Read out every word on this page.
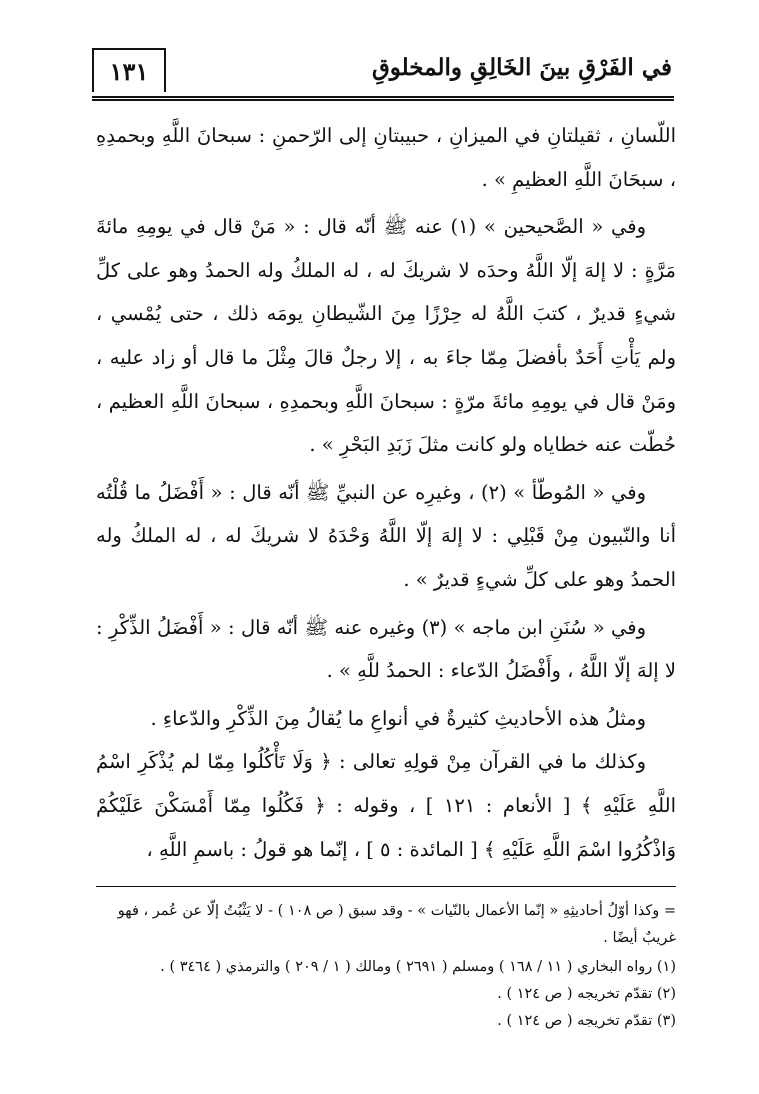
١٣١	في الفَرْقِ بينَ الخَالِقِ والمخلوقِ

اللّسانِ ، ثقيلتانِ في الميزانِ ، حبيبتانِ إلى الرّحمنِ : سبحانَ اللَّهِ وبحمدِهِ ، سبحَانَ اللَّهِ العظيمِ » .

وفي « الصَّحيحين » (١) عنه ﷺ أنّه قال : « مَنْ قال في يومِهِ مائةَ مَرَّةٍ : لا إلهَ إلّا اللَّهُ وحدَه لا شريكَ له ، له الملكُ وله الحمدُ وهو على كلِّ شيءٍ قديرٌ ، كتبَ اللَّهُ له حِرْزًا مِنَ الشّيطانِ يومَه ذلك ، حتى يُمْسي ، ولم يَأْتِ أَحَدٌ بأفضلَ مِمّا جاءَ به ، إلا رجلٌ قالَ مِثْلَ ما قال أو زاد عليه ، ومَنْ قال في يومِهِ مائةَ مرّةٍ : سبحانَ اللَّهِ وبحمدِهِ ، سبحانَ اللَّهِ العظيم ، حُطّت عنه خطاياه ولو كانت مثلَ زَبَدِ البَحْرِ » .

وفي « المُوطّأ » (٢) ، وغيرِه عن النبيِّ ﷺ أنّه قال : « أَفْضَلُ ما قُلْتُه أنا والنّبيون مِنْ قَبْلِي : لا إلهَ إلّا اللَّهُ وَحْدَهُ لا شريكَ له ، له الملكُ وله الحمدُ وهو على كلِّ شيءٍ قديرٌ » .

وفي « سُنَنِ ابن ماجه » (٣) وغيره عنه ﷺ أنّه قال : « أَفْضَلُ الذِّكْرِ : لا إلهَ إلّا اللَّهُ ، وأَفْضَلُ الدّعاء : الحمدُ للَّهِ » .

ومثلُ هذه الأحاديثِ كثيرةٌ في أنواعِ ما يُقالُ مِنَ الذِّكْرِ والدّعاءِ .

وكذلك ما في القرآن مِنْ قولِهِ تعالى : ﴿ وَلَا تَأْكُلُوا مِمّا لم يُذْكَرِ اسْمُ اللَّهِ عَلَيْهِ ﴾ [ الأنعام : ١٢١ ] ، وقوله : ﴿ فَكُلُوا مِمّا أَمْسَكْنَ عَلَيْكُمْ وَاذْكُرُوا اسْمَ اللَّهِ عَلَيْهِ ﴾ [ المائدة : ٥ ] ، إنّما هو قولُ : باسمِ اللَّهِ ،

= وكذا أوّلُ أحاديثِهِ « إنّما الأعمال بالنّيات » - وقد سبق ( ص ١٠٨ ) - لا يَثْبُتُ إلّا عن عُمر ، فهو غريبٌ أيضًا .

(١) رواه البخاري ( ١١ / ١٦٨ ) ومسلم ( ٢٦٩١ ) ومالك ( ١ / ٢٠٩ ) والترمذي ( ٣٤٦٤ ) .

(٢) تقدّم تخريجه ( ص ١٢٤ ) .

(٣) تقدّم تخريجه ( ص ١٢٤ ) .
